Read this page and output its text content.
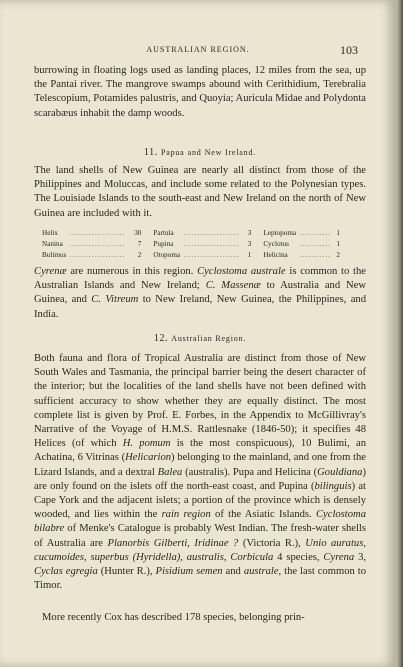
AUSTRALIAN REGION.	103

burrowing in floating logs used as landing places, 12 miles from the sea, up the Pantai river. The mangrove swamps abound with Cerithidium, Terebralia Telescopium, Potamides palustris, and Quoyia; Auricula Midae and Polydonta scarabæus inhabit the damp woods.

11. Papua and New Ireland.

The land shells of New Guinea are nearly all distinct from those of the Philippines and Moluccas, and include some related to the Polynesian types. The Louisiade Islands to the south-east and New Ireland on the north of New Guinea are included with it.

Helix	....................	30	Partula	....................	3	Leptopoma	...........	1
Nanina	....................	7	Pupina	....................	3	Cyclotus	...........	1
Bulimus	....................	2	Otopoma	....................	1	Helicina	...........	2

Cyrenæ are numerous in this region. Cyclostoma australe is common to the Australian Islands and New Ireland; C. Massenæ to Australia and New Guinea, and C. Vitreum to New Ireland, New Guinea, the Philippines, and India.

12. Australian Region.

Both fauna and flora of Tropical Australia are distinct from those of New South Wales and Tasmania, the principal barrier being the desert character of the interior; but the localities of the land shells have not been defined with sufficient accuracy to show whether they are equally distinct. The most complete list is given by Prof. E. Forbes, in the Appendix to McGillivray's Narrative of the Voyage of H.M.S. Rattlesnake (1846-50); it specifies 48 Helices (of which H. pomum is the most conspicuous), 10 Bulimi, an Achatina, 6 Vitrinas (Helicarion) belonging to the mainland, and one from the Lizard Islands, and a dextral Balea (australis). Pupa and Helicina (Gouldiana) are only found on the islets off the north-east coast, and Pupina (bilinguis) at Cape York and the adjacent islets; a portion of the province which is densely wooded, and lies within the rain region of the Asiatic Islands. Cyclostoma bilabre of Menke's Catalogue is probably West Indian. The fresh-water shells of Australia are Planorbis Gilberti, Iridinae ? (Victoria R.), Unio auratus, cucumoides, superbus (Hyridella), australis, Corbicula 4 species, Cyrena 3, Cyclas egregia (Hunter R.), Pisidium semen and australe, the last common to Timor.

More recently Cox has described 178 species, belonging prin-
